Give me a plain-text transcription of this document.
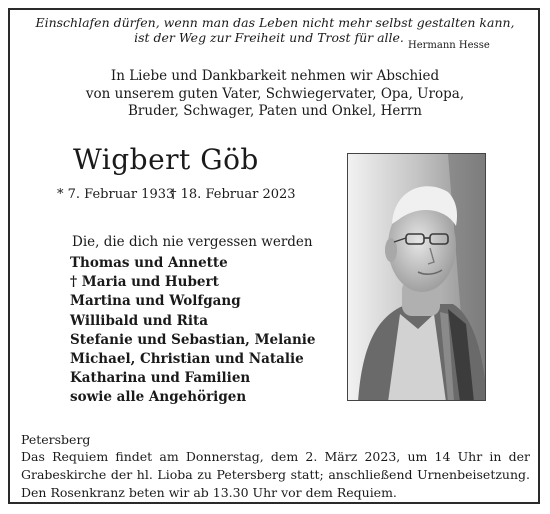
Einschlafen dürfen, wenn man das Leben nicht mehr selbst gestalten kann,
ist der Weg zur Freiheit und Trost für alle.
Hermann Hesse
In Liebe und Dankbarkeit nehmen wir Abschied
von unserem guten Vater, Schwiegervater, Opa, Uropa,
Bruder, Schwager, Paten und Onkel, Herrn
Wigbert Göb
* 7. Februar 1933
† 18. Februar 2023
Die, die dich nie vergessen werden
Thomas und Annette
† Maria und Hubert
Martina und Wolfgang
Willibald und Rita
Stefanie und Sebastian, Melanie
Michael, Christian und Natalie
Katharina und Familien
sowie alle Angehörigen
Petersberg
Das Requiem findet am Donnerstag, dem 2. März 2023, um 14 Uhr in der Grabeskirche der hl. Lioba zu Petersberg statt; anschließend Urnenbeisetzung. Den Rosenkranz beten wir ab 13.30 Uhr vor dem Requiem.
